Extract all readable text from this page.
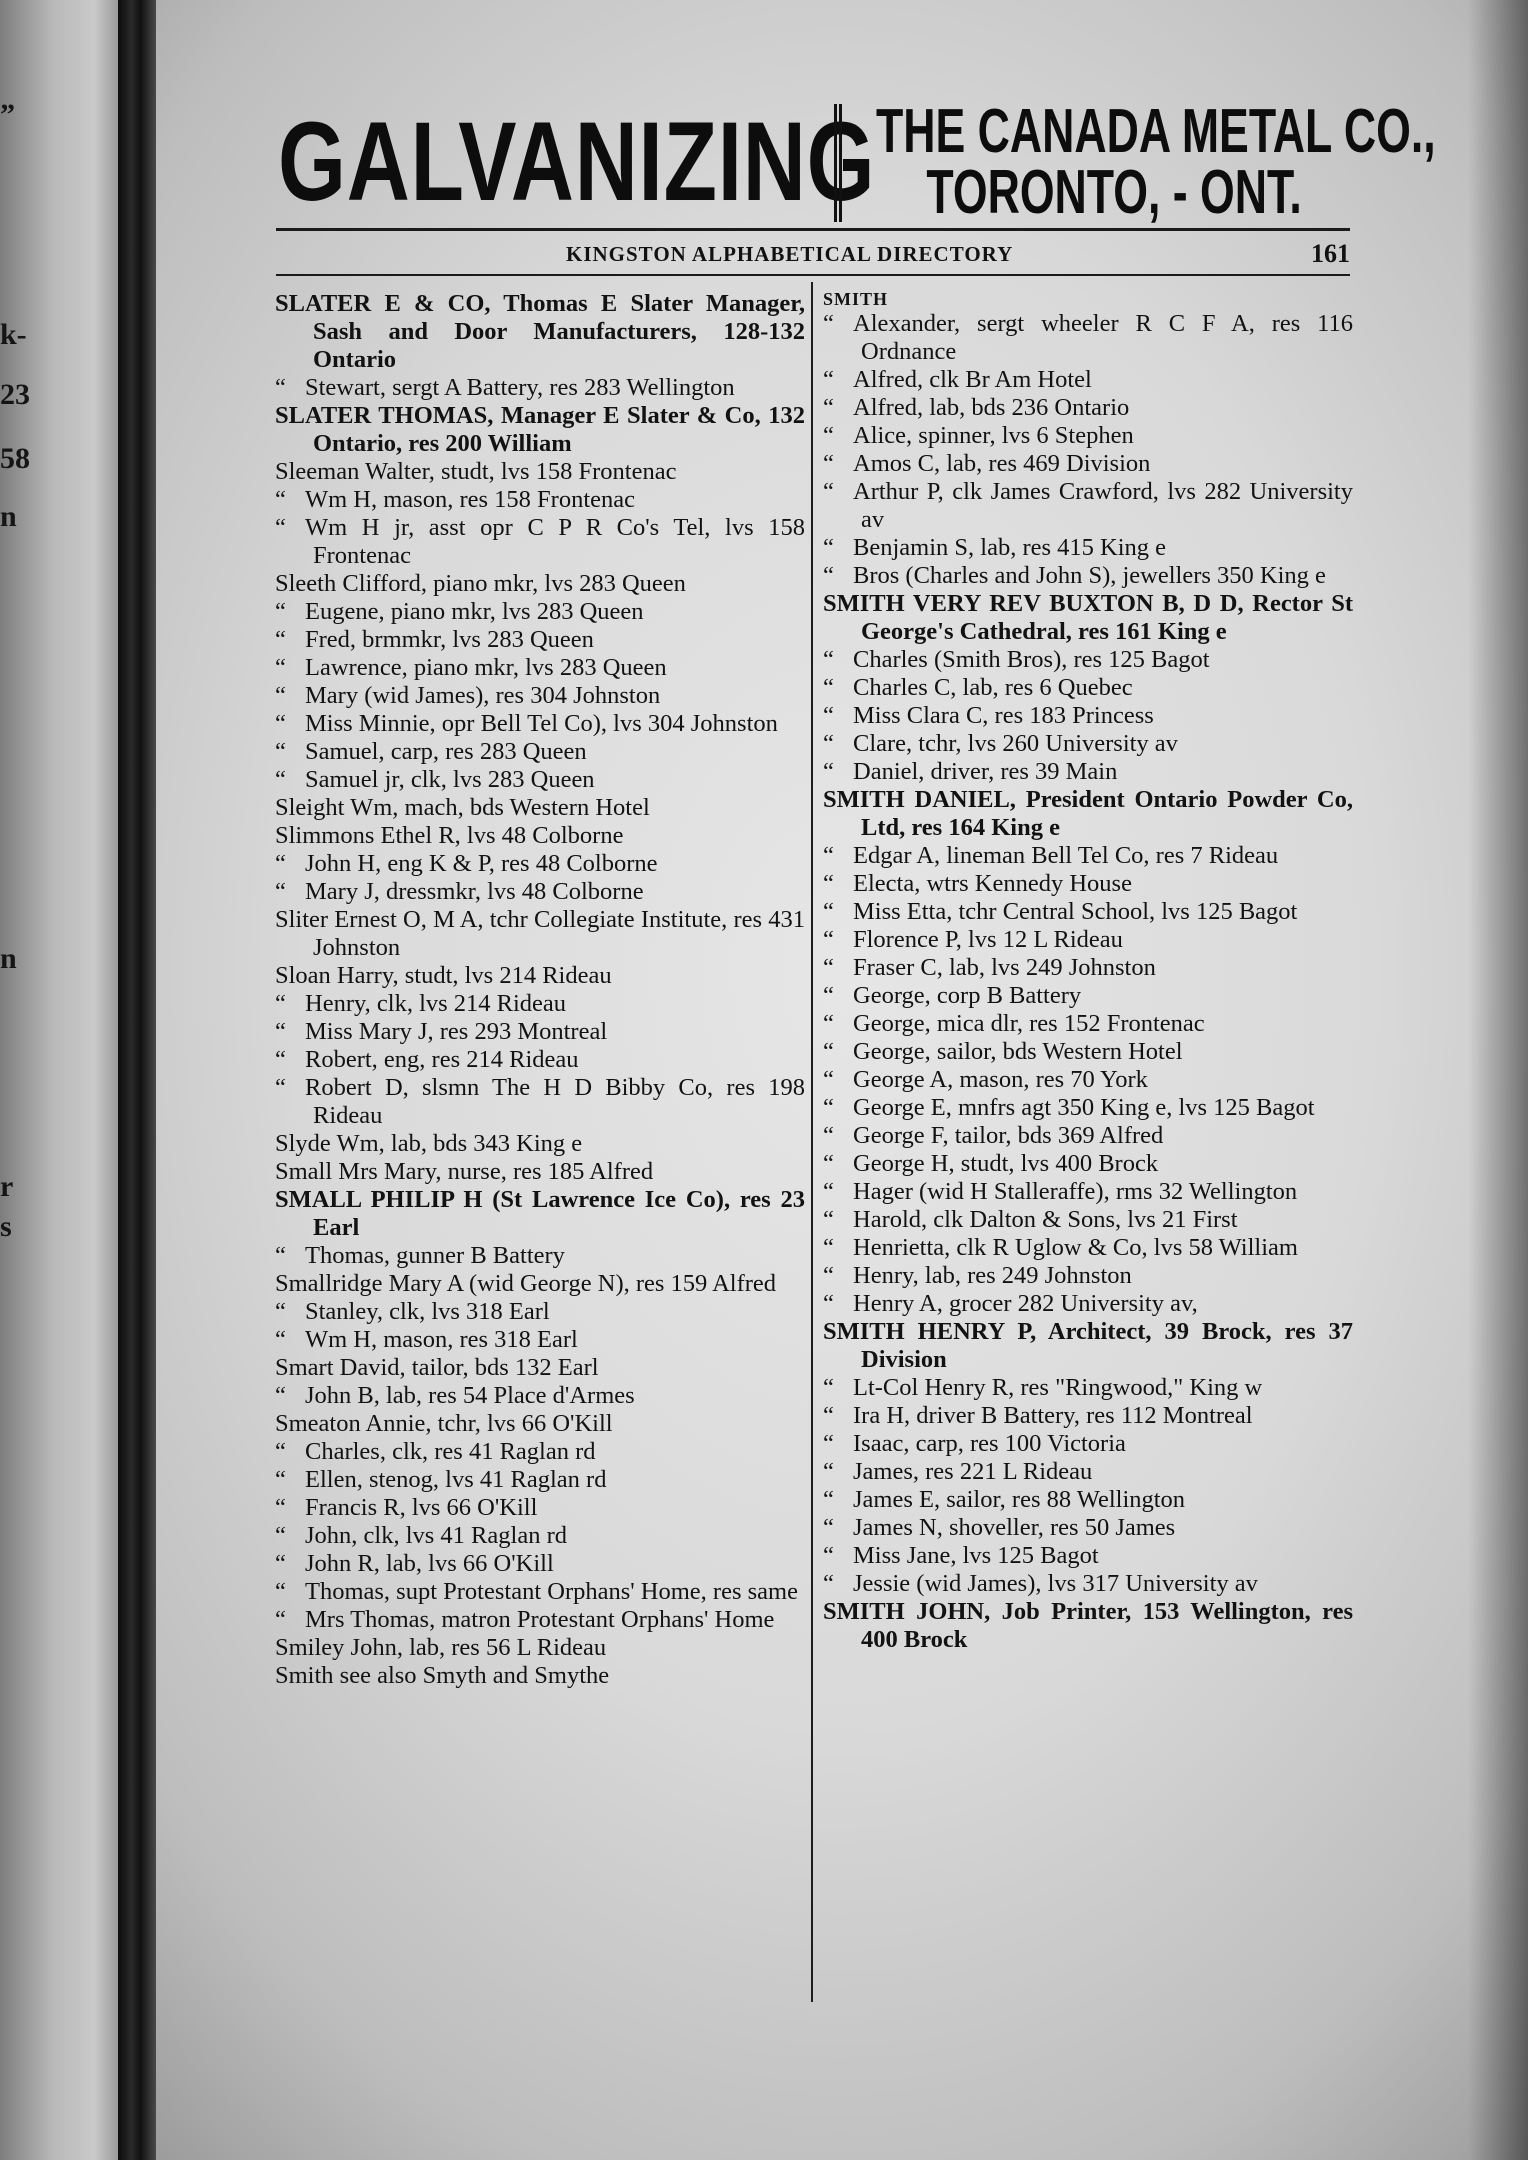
”
k-
23
58
n
r
s
n
GALVANIZING THE CANADA METAL CO.,
TORONTO, - ONT.
KINGSTON ALPHABETICAL DIRECTORY	161

SLATER E & CO, Thomas E Slater Manager, Sash and Door Manufacturers, 128-132 Ontario

“ Stewart, sergt A Battery, res 283 Wellington

SLATER THOMAS, Manager E Slater & Co, 132 Ontario, res 200 William

Sleeman Walter, studt, lvs 158 Frontenac

“ Wm H, mason, res 158 Frontenac

“ Wm H jr, asst opr C P R Co's Tel, lvs 158 Frontenac

Sleeth Clifford, piano mkr, lvs 283 Queen

“ Eugene, piano mkr, lvs 283 Queen

“ Fred, brmmkr, lvs 283 Queen

“ Lawrence, piano mkr, lvs 283 Queen

“ Mary (wid James), res 304 Johnston

“ Miss Minnie, opr Bell Tel Co), lvs 304 Johnston

“ Samuel, carp, res 283 Queen

“ Samuel jr, clk, lvs 283 Queen

Sleight Wm, mach, bds Western Hotel

Slimmons Ethel R, lvs 48 Colborne

“ John H, eng K & P, res 48 Colborne

“ Mary J, dressmkr, lvs 48 Colborne

Sliter Ernest O, M A, tchr Collegiate Institute, res 431 Johnston

Sloan Harry, studt, lvs 214 Rideau

“ Henry, clk, lvs 214 Rideau

“ Miss Mary J, res 293 Montreal

“ Robert, eng, res 214 Rideau

“ Robert D, slsmn The H D Bibby Co, res 198 Rideau

Slyde Wm, lab, bds 343 King e

Small Mrs Mary, nurse, res 185 Alfred

SMALL PHILIP H (St Lawrence Ice Co), res 23 Earl

“ Thomas, gunner B Battery

Smallridge Mary A (wid George N), res 159 Alfred

“ Stanley, clk, lvs 318 Earl

“ Wm H, mason, res 318 Earl

Smart David, tailor, bds 132 Earl

“ John B, lab, res 54 Place d'Armes

Smeaton Annie, tchr, lvs 66 O'Kill

“ Charles, clk, res 41 Raglan rd

“ Ellen, stenog, lvs 41 Raglan rd

“ Francis R, lvs 66 O'Kill

“ John, clk, lvs 41 Raglan rd

“ John R, lab, lvs 66 O'Kill

“ Thomas, supt Protestant Orphans' Home, res same

“ Mrs Thomas, matron Protestant Orphans' Home

Smiley John, lab, res 56 L Rideau

Smith see also Smyth and Smythe

SMITH

“ Alexander, sergt wheeler R C F A, res 116 Ordnance

“ Alfred, clk Br Am Hotel

“ Alfred, lab, bds 236 Ontario

“ Alice, spinner, lvs 6 Stephen

“ Amos C, lab, res 469 Division

“ Arthur P, clk James Crawford, lvs 282 University av

“ Benjamin S, lab, res 415 King e

“ Bros (Charles and John S), jewellers 350 King e

SMITH VERY REV BUXTON B, D D, Rector St George's Cathedral, res 161 King e

“ Charles (Smith Bros), res 125 Bagot

“ Charles C, lab, res 6 Quebec

“ Miss Clara C, res 183 Princess

“ Clare, tchr, lvs 260 University av

“ Daniel, driver, res 39 Main

SMITH DANIEL, President Ontario Powder Co, Ltd, res 164 King e

“ Edgar A, lineman Bell Tel Co, res 7 Rideau

“ Electa, wtrs Kennedy House

“ Miss Etta, tchr Central School, lvs 125 Bagot

“ Florence P, lvs 12 L Rideau

“ Fraser C, lab, lvs 249 Johnston

“ George, corp B Battery

“ George, mica dlr, res 152 Frontenac

“ George, sailor, bds Western Hotel

“ George A, mason, res 70 York

“ George E, mnfrs agt 350 King e, lvs 125 Bagot

“ George F, tailor, bds 369 Alfred

“ George H, studt, lvs 400 Brock

“ Hager (wid H Stalleraffe), rms 32 Wellington

“ Harold, clk Dalton & Sons, lvs 21 First

“ Henrietta, clk R Uglow & Co, lvs 58 William

“ Henry, lab, res 249 Johnston

“ Henry A, grocer 282 University av,

SMITH HENRY P, Architect, 39 Brock, res 37 Division

“ Lt-Col Henry R, res "Ringwood," King w

“ Ira H, driver B Battery, res 112 Montreal

“ Isaac, carp, res 100 Victoria

“ James, res 221 L Rideau

“ James E, sailor, res 88 Wellington

“ James N, shoveller, res 50 James

“ Miss Jane, lvs 125 Bagot

“ Jessie (wid James), lvs 317 University av

SMITH JOHN, Job Printer, 153 Wellington, res 400 Brock
